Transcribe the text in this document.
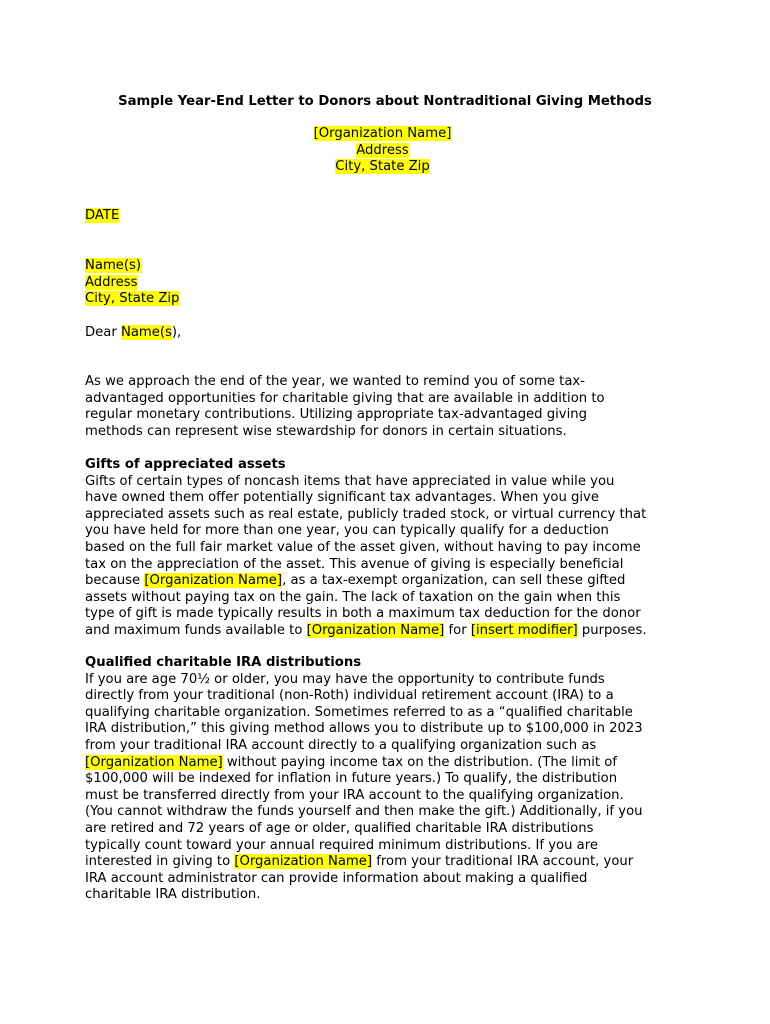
Sample Year-End Letter to Donors about Nontraditional Giving Methods
[Organization Name]
Address
City, State Zip
DATE
Name(s)
Address
City, State Zip
Dear Name(s),
As we approach the end of the year, we wanted to remind you of some tax-
advantaged opportunities for charitable giving that are available in addition to
regular monetary contributions. Utilizing appropriate tax-advantaged giving
methods can represent wise stewardship for donors in certain situations.
Gifts of appreciated assets
Gifts of certain types of noncash items that have appreciated in value while you
have owned them offer potentially significant tax advantages. When you give
appreciated assets such as real estate, publicly traded stock, or virtual currency that
you have held for more than one year, you can typically qualify for a deduction
based on the full fair market value of the asset given, without having to pay income
tax on the appreciation of the asset. This avenue of giving is especially beneficial
because [Organization Name], as a tax-exempt organization, can sell these gifted
assets without paying tax on the gain. The lack of taxation on the gain when this
type of gift is made typically results in both a maximum tax deduction for the donor
and maximum funds available to [Organization Name] for [insert modifier] purposes.
Qualified charitable IRA distributions
If you are age 70½ or older, you may have the opportunity to contribute funds
directly from your traditional (non-Roth) individual retirement account (IRA) to a
qualifying charitable organization. Sometimes referred to as a “qualified charitable
IRA distribution,” this giving method allows you to distribute up to $100,000 in 2023
from your traditional IRA account directly to a qualifying organization such as
[Organization Name] without paying income tax on the distribution. (The limit of
$100,000 will be indexed for inflation in future years.) To qualify, the distribution
must be transferred directly from your IRA account to the qualifying organization.
(You cannot withdraw the funds yourself and then make the gift.) Additionally, if you
are retired and 72 years of age or older, qualified charitable IRA distributions
typically count toward your annual required minimum distributions. If you are
interested in giving to [Organization Name] from your traditional IRA account, your
IRA account administrator can provide information about making a qualified
charitable IRA distribution.
